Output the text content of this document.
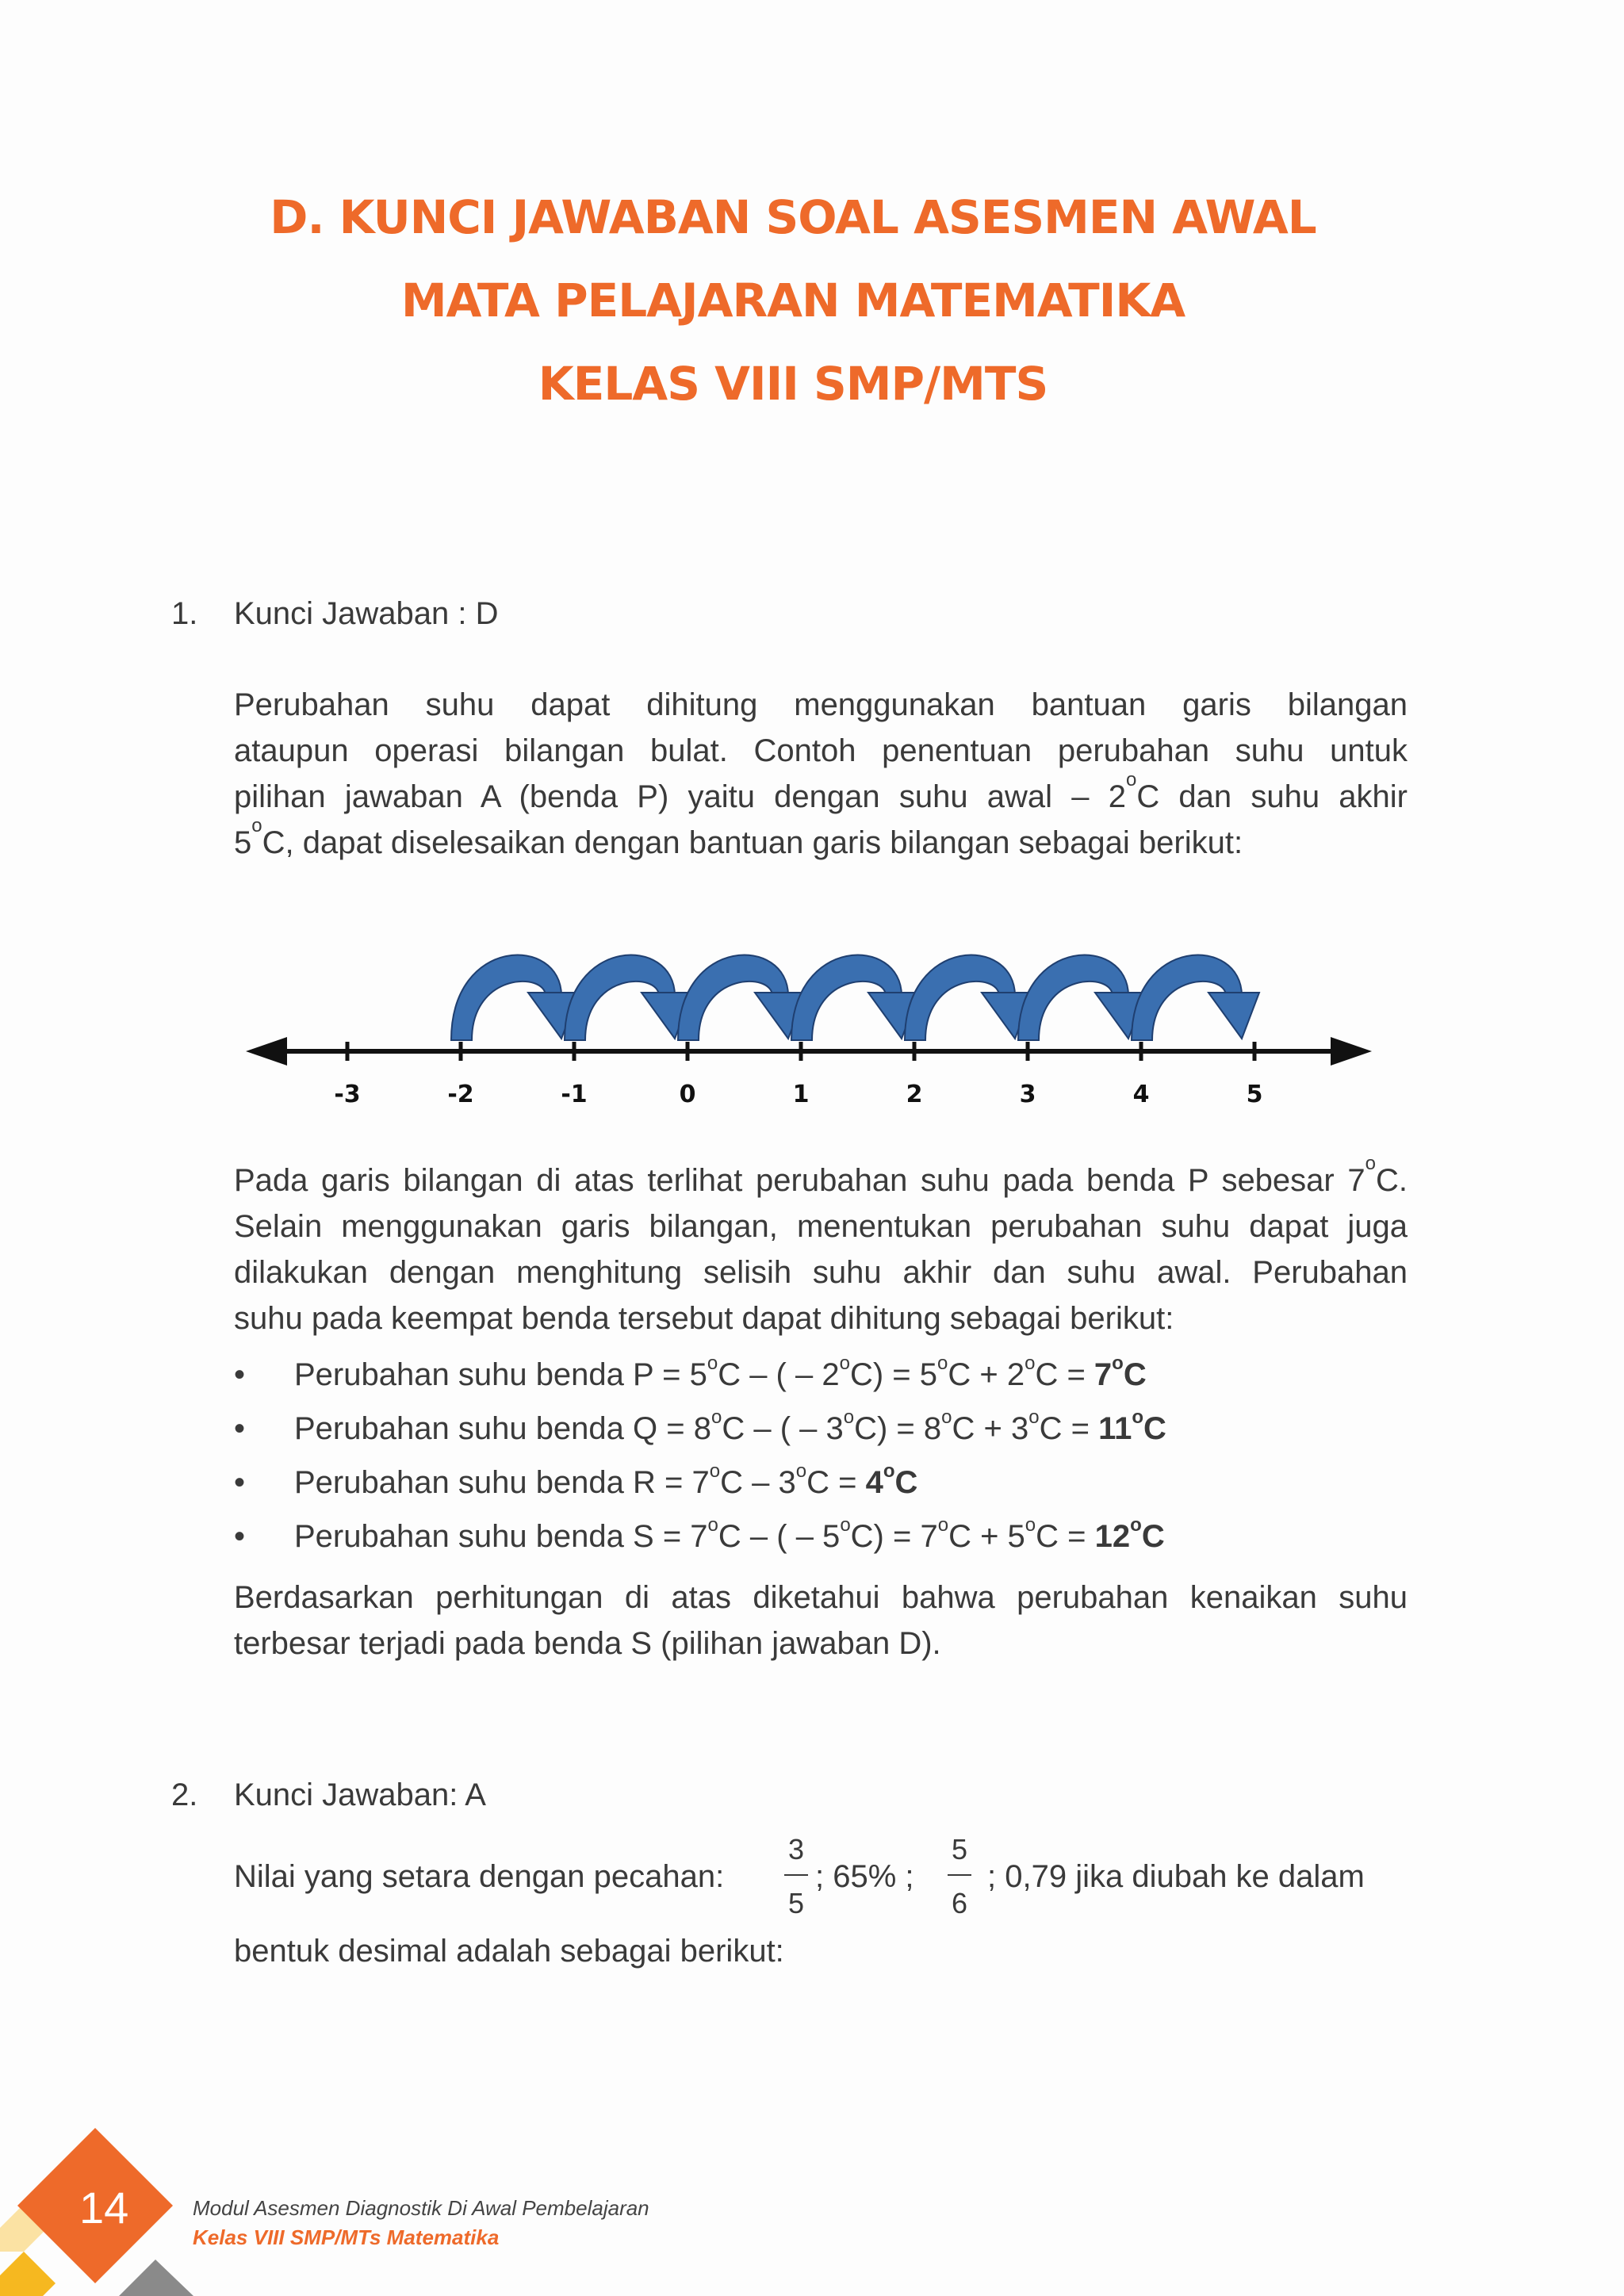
D. KUNCI JAWABAN SOAL ASESMEN AWAL
MATA PELAJARAN MATEMATIKA
KELAS VIII SMP/MTS
1. Kunci Jawaban : D
Perubahan suhu dapat dihitung menggunakan bantuan garis bilangan
ataupun operasi bilangan bulat. Contoh penentuan perubahan suhu untuk
pilihan jawaban A (benda P) yaitu dengan suhu awal – 2$^o$C dan suhu akhir
5$^o$C, dapat diselesaikan dengan bantuan garis bilangan sebagai berikut:
-3	-2	-1	0	1	2	3	4	5
Pada garis bilangan di atas terlihat perubahan suhu pada benda P sebesar 7$^o$C.
Selain menggunakan garis bilangan, menentukan perubahan suhu dapat juga
dilakukan dengan menghitung selisih suhu akhir dan suhu awal. Perubahan
suhu pada keempat benda tersebut dapat dihitung sebagai berikut:
• Perubahan suhu benda $P = 5^oC$ – ( – $2^oC) = 5^oC + 2^oC = 7^oC$
• Perubahan suhu benda $Q = 8^oC$ – ( – $3^oC) = 8^oC + 3^oC = 11^oC$
• Perubahan suhu benda $R = 7^oC - 3^oC = 4^oC$
• Perubahan suhu benda $S = 7^oC$ – ( – $5^oC) = 7^oC + 5^oC = 12^oC$
Berdasarkan perhitungan di atas diketahui bahwa perubahan kenaikan suhu
terbesar terjadi pada benda S (pilihan jawaban D).
2. Kunci Jawaban: A
Nilai yang setara dengan pecahan:
3
5
; 65% ;
5
6
; 0,79 jika diubah ke dalam
bentuk desimal adalah sebagai berikut:
14	Modul Asesmen Diagnostik Di Awal Pembelajaran
Kelas VIII SMP/MTs Matematika
